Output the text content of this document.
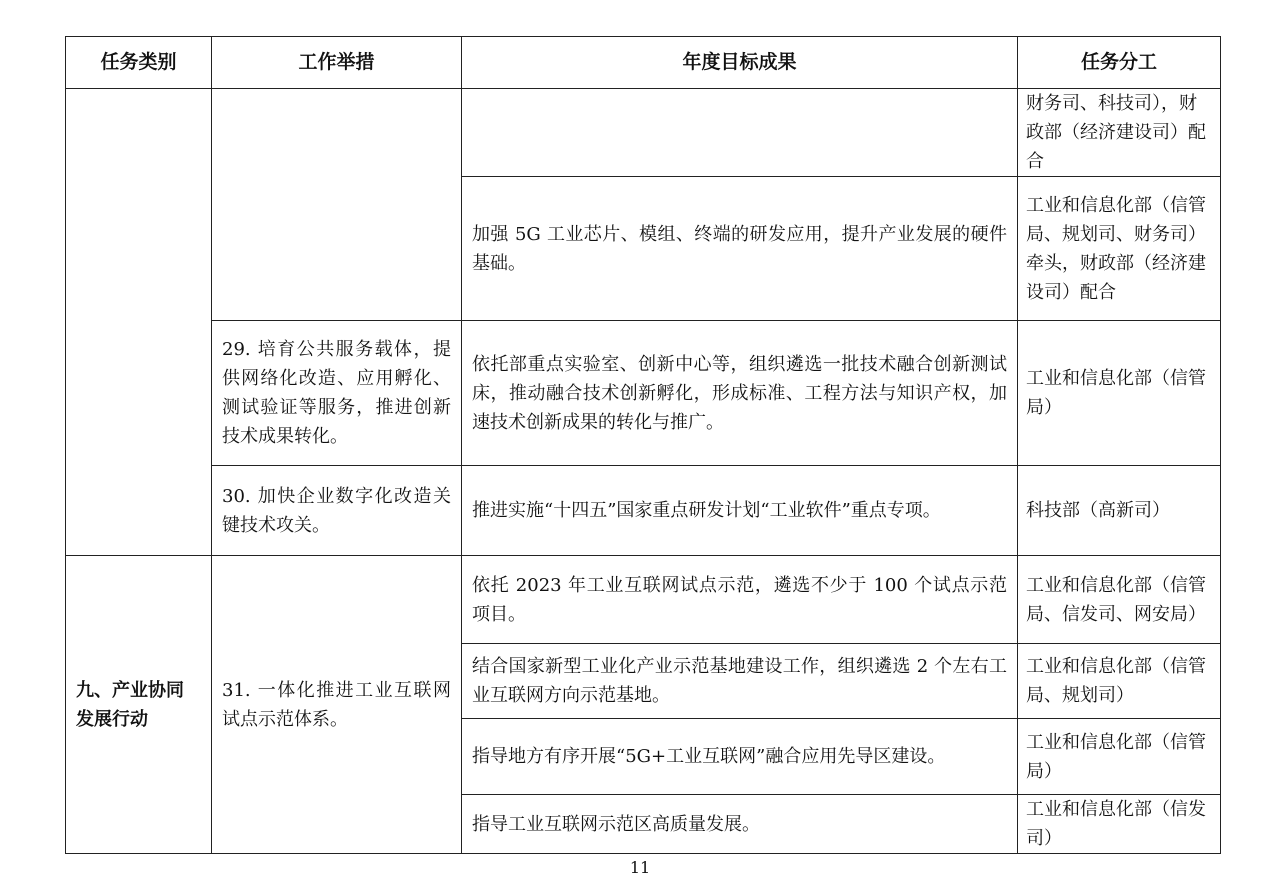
任务类别	工作举措	年度目标成果	任务分工
			财务司、科技司），财政部（经济建设司）配合
		加强 5G 工业芯片、模组、终端的研发应用，提升产业发展的硬件基础。	工业和信息化部（信管局、规划司、财务司）牵头，财政部（经济建设司）配合
	29. 培育公共服务载体，提供网络化改造、应用孵化、测试验证等服务，推进创新技术成果转化。	依托部重点实验室、创新中心等，组织遴选一批技术融合创新测试床，推动融合技术创新孵化，形成标准、工程方法与知识产权，加速技术创新成果的转化与推广。	工业和信息化部（信管局）
	30. 加快企业数字化改造关键技术攻关。	推进实施“十四五”国家重点研发计划“工业软件”重点专项。	科技部（高新司）
九、产业协同发展行动	31. 一体化推进工业互联网试点示范体系。	依托 2023 年工业互联网试点示范，遴选不少于 100 个试点示范项目。	工业和信息化部（信管局、信发司、网安局）
		结合国家新型工业化产业示范基地建设工作，组织遴选 2 个左右工业互联网方向示范基地。	工业和信息化部（信管局、规划司）
		指导地方有序开展“5G+工业互联网”融合应用先导区建设。	工业和信息化部（信管局）
		指导工业互联网示范区高质量发展。	工业和信息化部（信发司）
11
